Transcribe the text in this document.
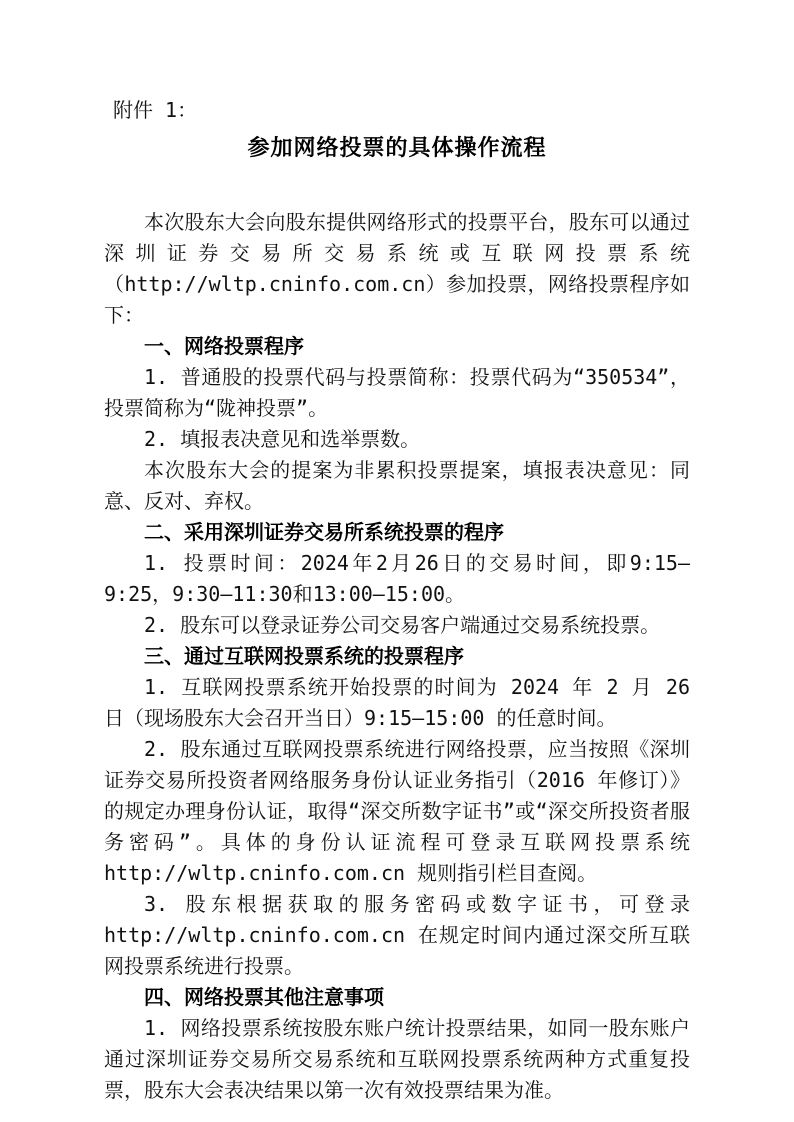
附件 1：

参加网络投票的具体操作流程

本次股东大会向股东提供网络形式的投票平台，股东可以通过深圳证券交易所交易系统或互联网投票系统（http://wltp.cninfo.com.cn）参加投票，网络投票程序如下：

一、网络投票程序

1. 普通股的投票代码与投票简称：投票代码为“350534”，投票简称为“陇神投票”。

2. 填报表决意见和选举票数。

本次股东大会的提案为非累积投票提案，填报表决意见：同意、反对、弃权。

二、采用深圳证券交易所系统投票的程序

1. 投票时间：2024年2月26日的交易时间，即9:15—9:25，9:30—11:30和13:00—15:00。

2. 股东可以登录证券公司交易客户端通过交易系统投票。

三、通过互联网投票系统的投票程序

1. 互联网投票系统开始投票的时间为 2024 年 2 月 26 日（现场股东大会召开当日）9:15—15:00 的任意时间。

2. 股东通过互联网投票系统进行网络投票，应当按照《深圳证券交易所投资者网络服务身份认证业务指引（2016 年修订）》的规定办理身份认证，取得“深交所数字证书”或“深交所投资者服务密码”。具体的身份认证流程可登录互联网投票系统 http://wltp.cninfo.com.cn 规则指引栏目查阅。

3. 股东根据获取的服务密码或数字证书，可登录 http://wltp.cninfo.com.cn 在规定时间内通过深交所互联网投票系统进行投票。

四、网络投票其他注意事项

1. 网络投票系统按股东账户统计投票结果，如同一股东账户通过深圳证券交易所交易系统和互联网投票系统两种方式重复投票，股东大会表决结果以第一次有效投票结果为准。
